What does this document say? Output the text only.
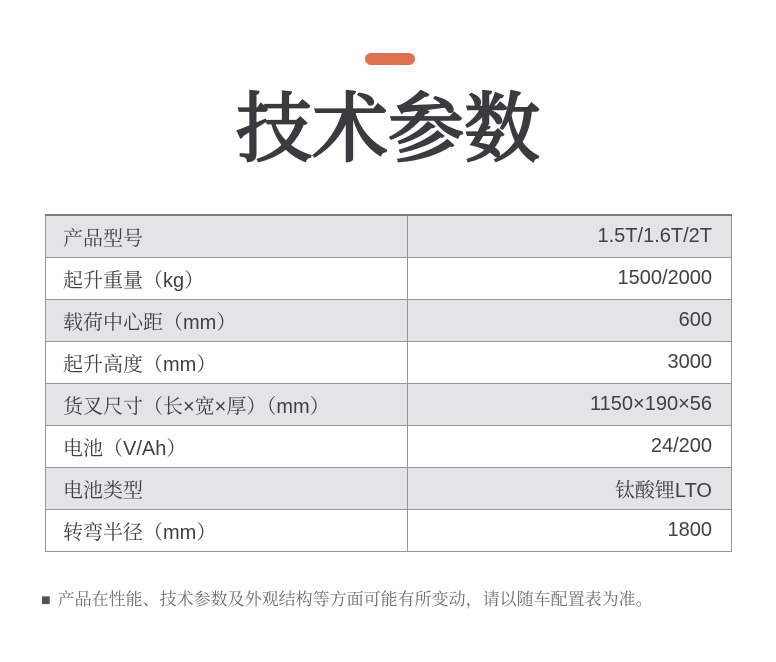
技术参数
产品型号	1.5T/1.6T/2T
起升重量（kg）	1500/2000
载荷中心距（mm）	600
起升高度（mm）	3000
货叉尺寸（长×宽×厚）（mm）	1150×190×56
电池（V/Ah）	24/200
电池类型	钛酸锂LTO
转弯半径（mm）	1800

■ 产品在性能、技术参数及外观结构等方面可能有所变动，请以随车配置表为准。
